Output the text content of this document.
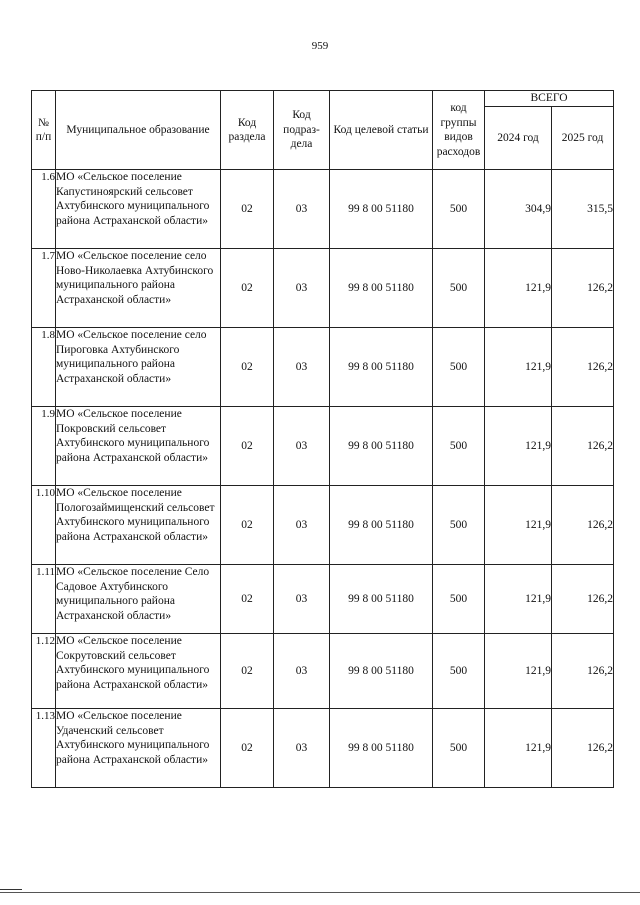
959
№ п/п	Муниципальное образование	Код раздела	Код подраз- дела	Код целевой статьи	код группы видов расходов	ВСЕГО	
						2024 год	2025 год
1.6	МО «Сельское поселение Капустиноярский сельсовет Ахтубинского муниципального района Астраханской области»	02	03	99 8 00 51180	500	304,9	315,5
1.7	МО «Сельское поселение село Ново-Николаевка Ахтубинского муниципального района Астраханской области»	02	03	99 8 00 51180	500	121,9	126,2
1.8	МО «Сельское поселение село Пироговка Ахтубинского муниципального района Астраханской области»	02	03	99 8 00 51180	500	121,9	126,2
1.9	МО «Сельское поселение Покровский сельсовет Ахтубинского муниципального района Астраханской области»	02	03	99 8 00 51180	500	121,9	126,2
1.10	МО «Сельское поселение Пологозаймищенский сельсовет Ахтубинского муниципального района Астраханской области»	02	03	99 8 00 51180	500	121,9	126,2
1.11	МО «Сельское поселение Село Садовое Ахтубинского муниципального района Астраханской области»	02	03	99 8 00 51180	500	121,9	126,2
1.12	МО «Сельское поселение Сокрутовский сельсовет Ахтубинского муниципального района Астраханской области»	02	03	99 8 00 51180	500	121,9	126,2
1.13	МО «Сельское поселение Удаченский сельсовет Ахтубинского муниципального района Астраханской области»	02	03	99 8 00 51180	500	121,9	126,2
